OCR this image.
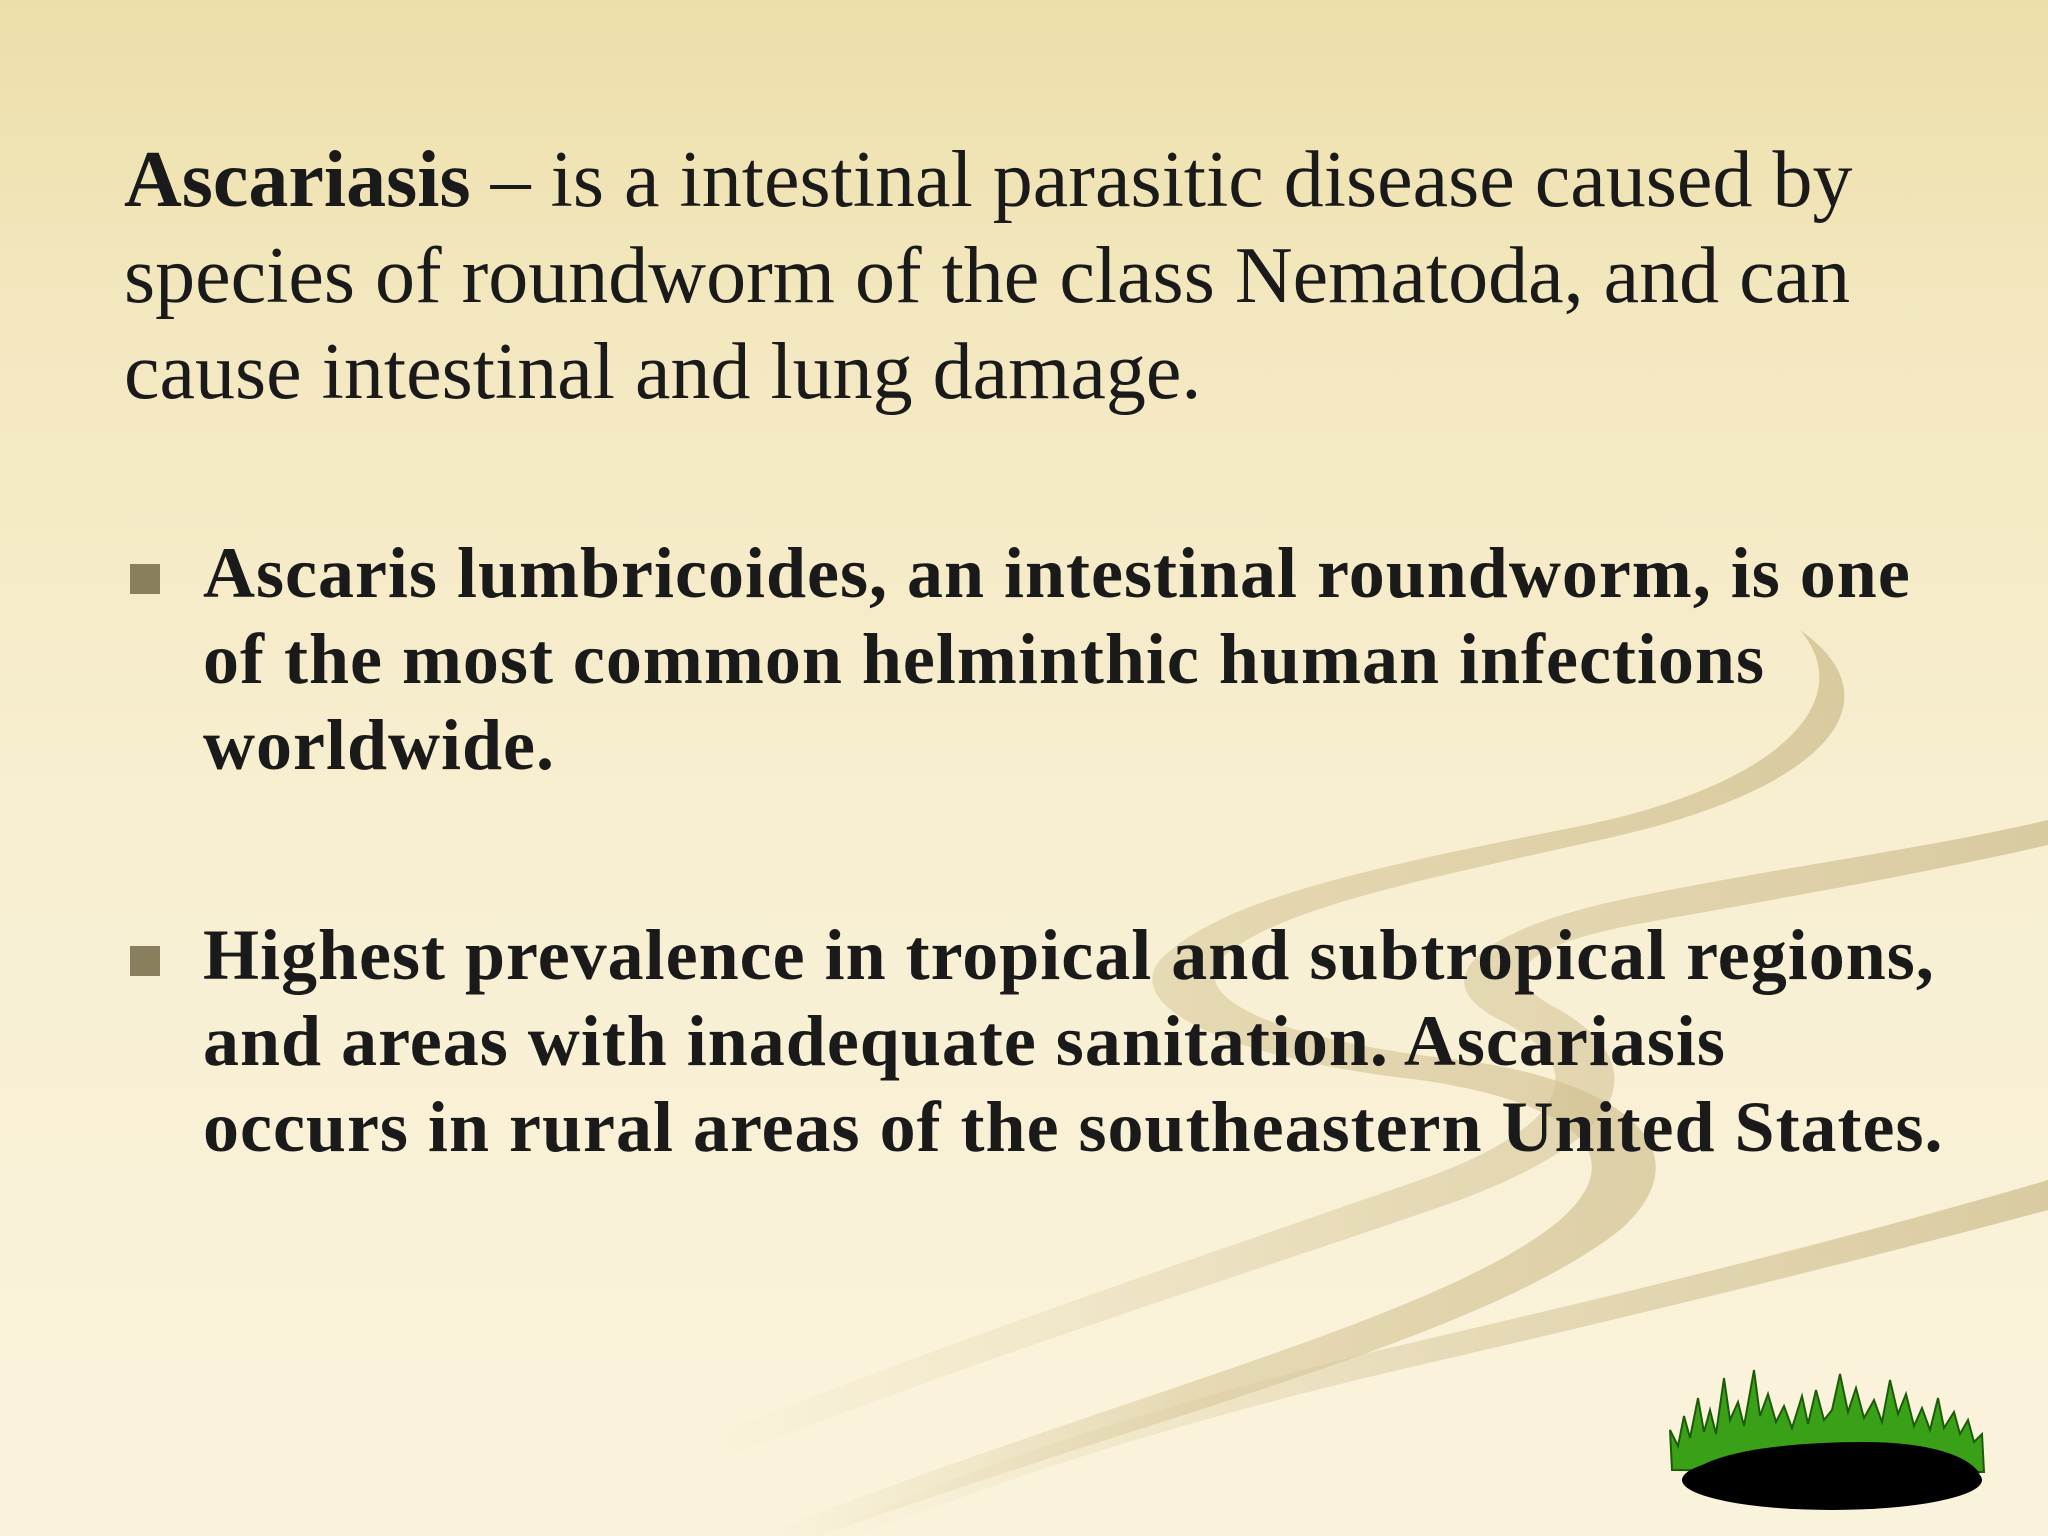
Ascariasis – is a intestinal parasitic disease caused by species of roundworm of the class Nematoda, and can cause intestinal and lung damage.

Ascaris lumbricoides, an intestinal roundworm, is one of the most common helminthic human infections worldwide.
Highest prevalence in tropical and subtropical regions, and areas with inadequate sanitation. Ascariasis occurs in rural areas of the southeastern United States.
